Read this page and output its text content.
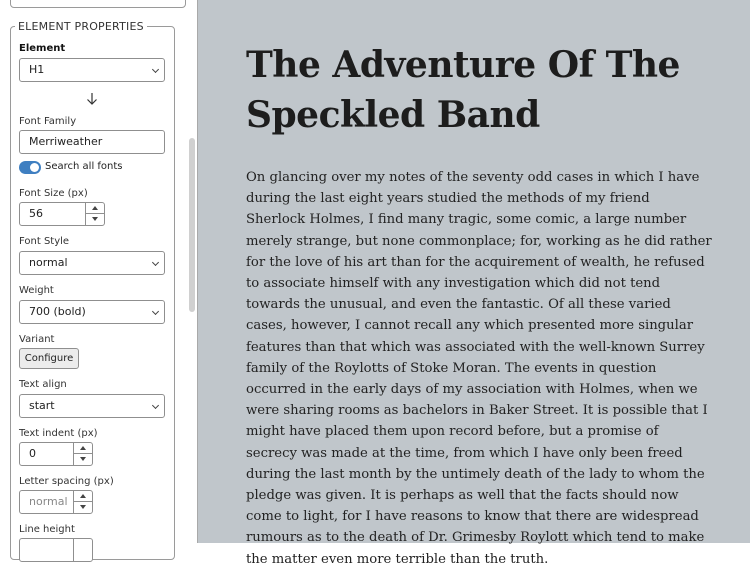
ELEMENT PROPERTIES
Element
H1
Font Family
Merriweather
Search all fonts
Font Size (px)
56
Font Style
normal
Weight
700 (bold)
Variant
Configure
Text align
start
Text indent (px)
0
Letter spacing (px)
normal
Line height
The Adventure Of The Speckled Band

On glancing over my notes of the seventy odd cases in which I have during the last eight years studied the methods of my friend Sherlock Holmes, I find many tragic, some comic, a large number merely strange, but none commonplace; for, working as he did rather for the love of his art than for the acquirement of wealth, he refused to associate himself with any investigation which did not tend towards the unusual, and even the fantastic. Of all these varied cases, however, I cannot recall any which presented more singular features than that which was associated with the well-known Surrey family of the Roylotts of Stoke Moran. The events in question occurred in the early days of my association with Holmes, when we were sharing rooms as bachelors in Baker Street. It is possible that I might have placed them upon record before, but a promise of secrecy was made at the time, from which I have only been freed during the last month by the untimely death of the lady to whom the pledge was given. It is perhaps as well that the facts should now come to light, for I have reasons to know that there are widespread rumours as to the death of Dr. Grimesby Roylott which tend to make the matter even more terrible than the truth.
